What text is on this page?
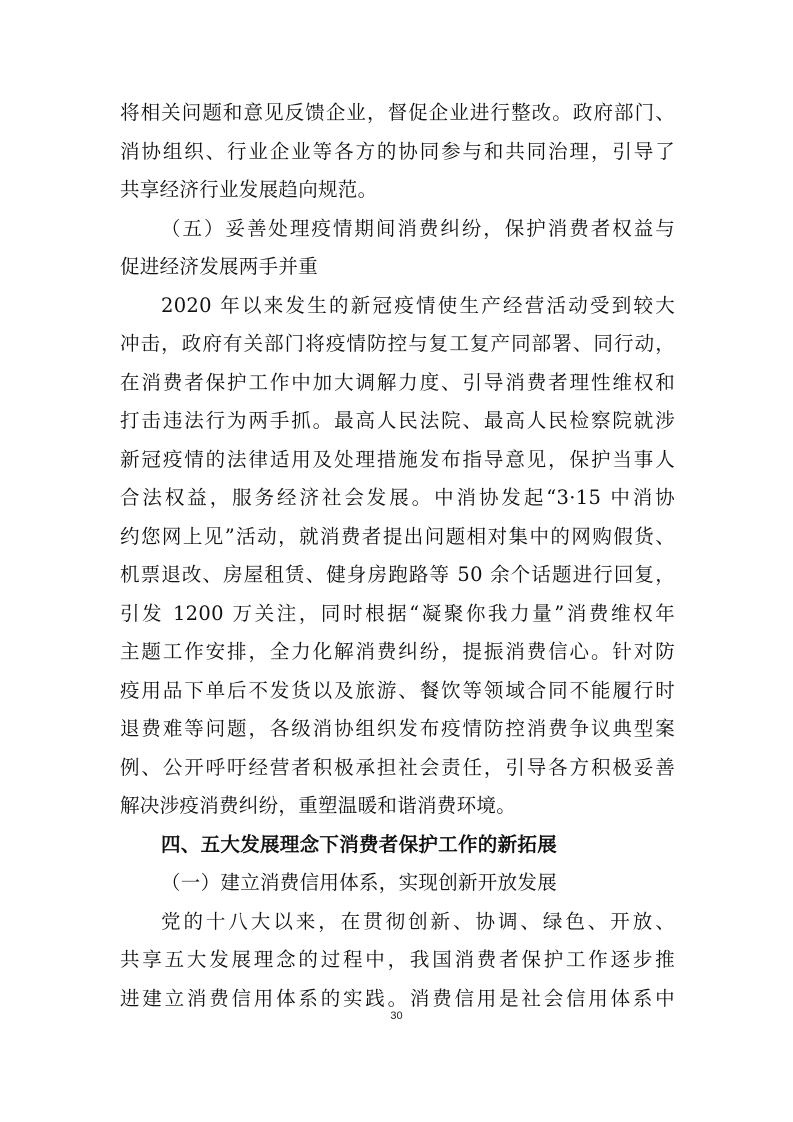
将相关问题和意见反馈企业，督促企业进行整改。政府部门、
消协组织、行业企业等各方的协同参与和共同治理，引导了
共享经济行业发展趋向规范。
（五）妥善处理疫情期间消费纠纷，保护消费者权益与
促进经济发展两手并重
2020 年以来发生的新冠疫情使生产经营活动受到较大
冲击，政府有关部门将疫情防控与复工复产同部署、同行动，
在消费者保护工作中加大调解力度、引导消费者理性维权和
打击违法行为两手抓。最高人民法院、最高人民检察院就涉
新冠疫情的法律适用及处理措施发布指导意见，保护当事人
合法权益，服务经济社会发展。中消协发起“3·15 中消协
约您网上见”活动，就消费者提出问题相对集中的网购假货、
机票退改、房屋租赁、健身房跑路等 50 余个话题进行回复，
引发 1200 万关注，同时根据“凝聚你我力量”消费维权年
主题工作安排，全力化解消费纠纷，提振消费信心。针对防
疫用品下单后不发货以及旅游、餐饮等领域合同不能履行时
退费难等问题，各级消协组织发布疫情防控消费争议典型案
例、公开呼吁经营者积极承担社会责任，引导各方积极妥善
解决涉疫消费纠纷，重塑温暖和谐消费环境。
四、五大发展理念下消费者保护工作的新拓展
（一）建立消费信用体系，实现创新开放发展
党的十八大以来，在贯彻创新、协调、绿色、开放、
共享五大发展理念的过程中，我国消费者保护工作逐步推
进建立消费信用体系的实践。消费信用是社会信用体系中
30
